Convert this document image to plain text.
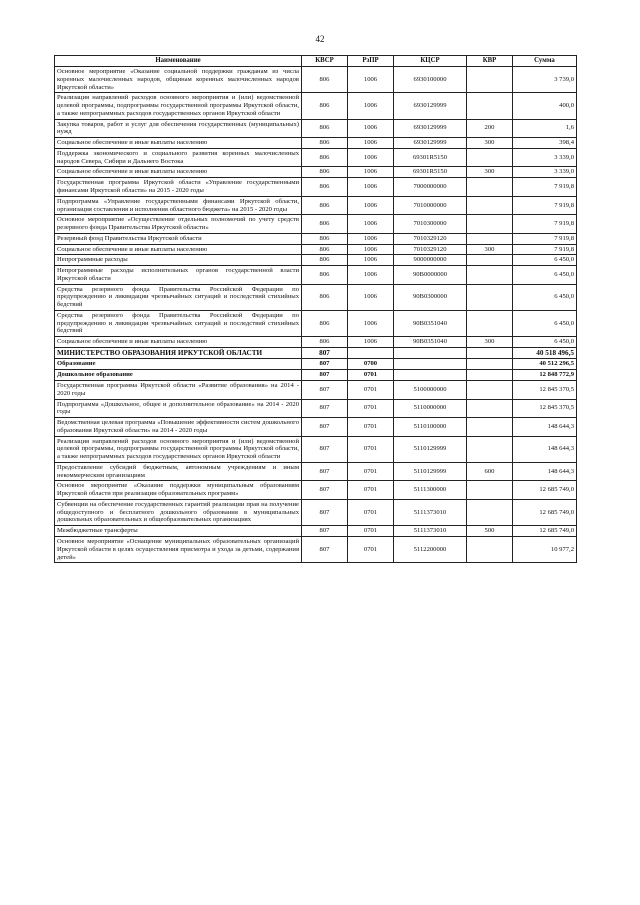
42
Наименование	КВСР	РзПР	КЦСР	КВР	Сумма
Основное мероприятие «Оказание социальной поддержки гражданам из числа коренных малочисленных народов, общинам коренных малочисленных народов Иркутской области»	806	1006	6930100000		3 739,0
Реализация направлений расходов основного мероприятия и (или) ведомственной целевой программы, подпрограммы государственной программы Иркутской области, а также непрограммных расходов государственных органов Иркутской области	806	1006	6930129999		400,0
Закупка товаров, работ и услуг для обеспечения государственных (муниципальных) нужд	806	1006	6930129999	200	1,6
Социальное обеспечение и иные выплаты населению	806	1006	6930129999	300	398,4
Поддержка экономического и социального развития коренных малочисленных народов Севера, Сибири и Дальнего Востока	806	1006	69301R5150		3 339,0
Социальное обеспечение и иные выплаты населению	806	1006	69301R5150	300	3 339,0
Государственная программа Иркутской области «Управление государственными финансами Иркутской области» на 2015 - 2020 годы	806	1006	7000000000		7 919,8
Подпрограмма «Управление государственными финансами Иркутской области, организация составления и исполнения областного бюджета» на 2015 - 2020 годы	806	1006	7010000000		7 919,8
Основное мероприятие «Осуществление отдельных полномочий по учету средств резервного фонда Правительства Иркутской области»	806	1006	7010300000		7 919,8
Резервный фонд Правительства Иркутской области	806	1006	7010329120		7 919,8
Социальное обеспечение и иные выплаты населению	806	1006	7010329120	300	7 919,8
Непрограммные расходы	806	1006	9000000000		6 450,0
Непрограммные расходы исполнительных органов государственной власти Иркутской области	806	1006	90В0000000		6 450,0
Средства резервного фонда Правительства Российской Федерации по предупреждению и ликвидации чрезвычайных ситуаций и последствий стихийных бедствий	806	1006	90В0300000		6 450,0
Средства резервного фонда Правительства Российской Федерации по предупреждению и ликвидации чрезвычайных ситуаций и последствий стихийных бедствий	806	1006	90В0351040		6 450,0
Социальное обеспечение и иные выплаты населению	806	1006	90В0351040	300	6 450,0
МИНИСТЕРСТВО ОБРАЗОВАНИЯ ИРКУТСКОЙ ОБЛАСТИ	807				40 518 496,5
Образование	807	0700			40 512 296,5
Дошкольное образование	807	0701			12 848 772,9
Государственная программа Иркутской области «Развитие образования» на 2014 - 2020 годы	807	0701	5100000000		12 845 370,5
Подпрограмма «Дошкольное, общее и дополнительное образование» на 2014 - 2020 годы	807	0701	5110000000		12 845 370,5
Ведомственная целевая программа «Повышение эффективности систем дошкольного образования Иркутской области» на 2014 - 2020 годы	807	0701	5110100000		148 644,3
Реализация направлений расходов основного мероприятия и (или) ведомственной целевой программы, подпрограммы государственной программы Иркутской области, а также непрограммных расходов государственных органов Иркутской области	807	0701	5110129999		148 644,3
Предоставление субсидий бюджетным, автономным учреждениям и иным некоммерческим организациям	807	0701	5110129999	600	148 644,3
Основное мероприятие «Оказание поддержки муниципальным образованиям Иркутской области при реализации образовательных программ»	807	0701	5111300000		12 685 749,0
Субвенции на обеспечение государственных гарантий реализации прав на получение общедоступного и бесплатного дошкольного образования в муниципальных дошкольных образовательных и общеобразовательных организациях	807	0701	5111373010		12 685 749,0
Межбюджетные трансферты	807	0701	5111373010	500	12 685 749,0
Основное мероприятие «Оснащение муниципальных образовательных организаций Иркутской области в целях осуществления присмотра и ухода за детьми, содержания детей»	807	0701	5112200000		10 977,2
